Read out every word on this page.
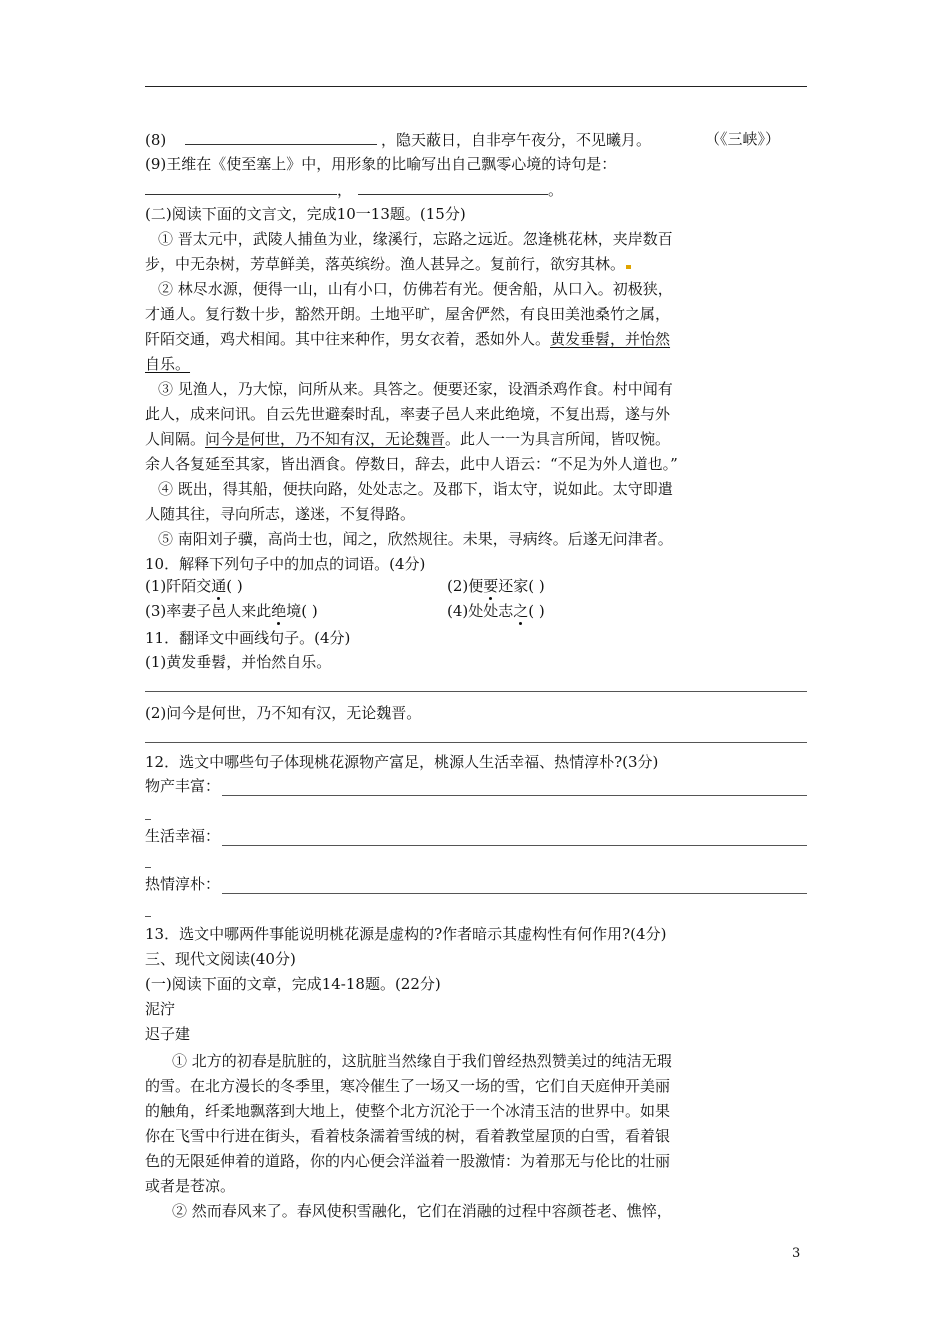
(8)	，隐天蔽日，自非亭午夜分，不见曦月。	（《三峡》）
(9)王维在《使至塞上》中，用形象的比喻写出自己飘零心境的诗句是：
，	。
(二)阅读下面的文言文，完成10一13题。(15分)
① 晋太元中，武陵人捕鱼为业，缘溪行，忘路之远近。忽逢桃花林，夹岸数百
步，中无杂树，芳草鲜美，落英缤纷。渔人甚异之。复前行，欲穷其林。
② 林尽水源，便得一山，山有小口，仿佛若有光。便舍船，从口入。初极狭，
才通人。复行数十步，豁然开朗。土地平旷，屋舍俨然，有良田美池桑竹之属，
阡陌交通，鸡犬相闻。其中往来种作，男女衣着，悉如外人。黄发垂髫，并怡然
自乐。
③ 见渔人，乃大惊，问所从来。具答之。便要还家，设酒杀鸡作食。村中闻有
此人，成来问讯。自云先世避秦时乱，率妻子邑人来此绝境，不复出焉，遂与外
人间隔。问今是何世，乃不知有汉，无论魏晋。此人一一为具言所闻，皆叹惋。
余人各复延至其家，皆出酒食。停数日，辞去，此中人语云：“不足为外人道也。”
④ 既出，得其船，便扶向路，处处志之。及郡下，诣太守，说如此。太守即遣
人随其往，寻向所志，遂迷，不复得路。
⑤ 南阳刘子骥，高尚士也，闻之，欣然规往。未果，寻病终。后遂无问津者。
10．解释下列句子中的加点的词语。(4分)
(1)阡陌交通( )	(2)便要还家( )
(3)率妻子邑人来此绝境( )	(4)处处志之( )
11．翻译文中画线句子。(4分)
(1)黄发垂髫，并怡然自乐。
(2)问今是何世，乃不知有汉，无论魏晋。
12．选文中哪些句子体现桃花源物产富足，桃源人生活幸福、热情淳朴?(3分)
物产丰富：
生活幸福：
热情淳朴：
13．选文中哪两件事能说明桃花源是虚构的?作者暗示其虚构性有何作用?(4分)
三、现代文阅读(40分)
(一)阅读下面的文章，完成14-18题。(22分)
泥泞
迟子建
① 北方的初春是肮脏的，这肮脏当然缘自于我们曾经热烈赞美过的纯洁无瑕
的雪。在北方漫长的冬季里，寒冷催生了一场又一场的雪，它们自天庭伸开美丽
的触角，纤柔地飘落到大地上，使整个北方沉沦于一个冰清玉洁的世界中。如果
你在飞雪中行进在街头，看着枝条濡着雪绒的树，看着教堂屋顶的白雪，看着银
色的无限延伸着的道路，你的内心便会洋溢着一股激情：为着那无与伦比的壮丽
或者是苍凉。
② 然而春风来了。春风使积雪融化，它们在消融的过程中容颜苍老、憔悴，
3
